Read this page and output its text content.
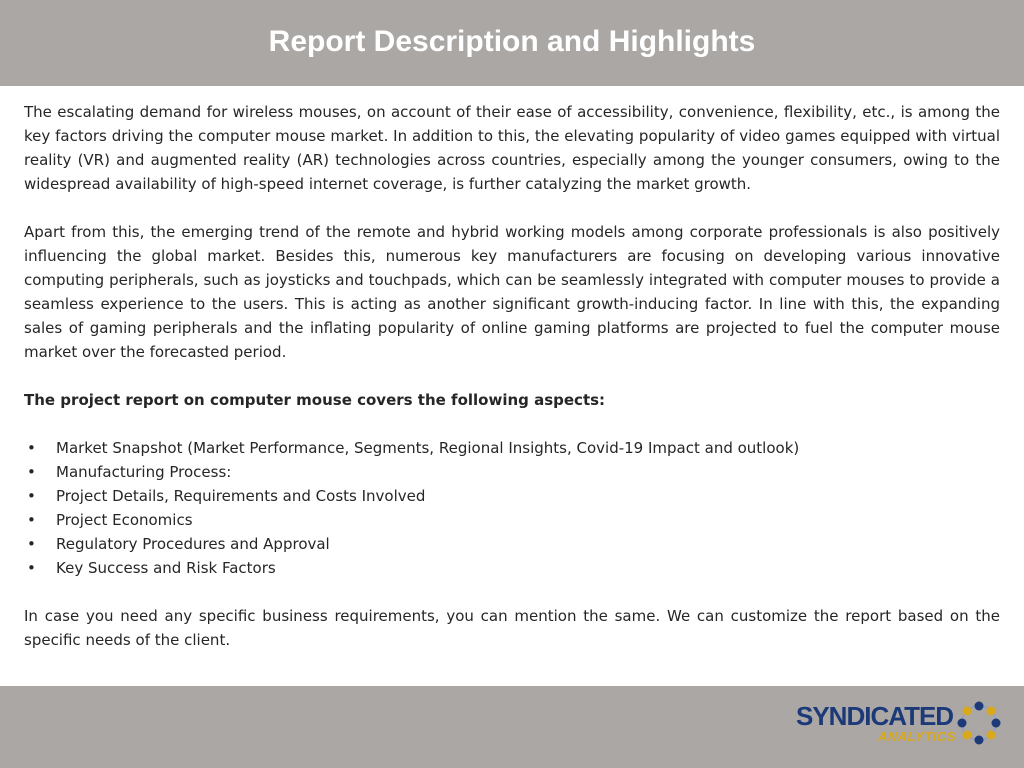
Report Description and Highlights

The escalating demand for wireless mouses, on account of their ease of accessibility, convenience, flexibility, etc., is among the key factors driving the computer mouse market. In addition to this, the elevating popularity of video games equipped with virtual reality (VR) and augmented reality (AR) technologies across countries, especially among the younger consumers, owing to the widespread availability of high-speed internet coverage, is further catalyzing the market growth.

Apart from this, the emerging trend of the remote and hybrid working models among corporate professionals is also positively influencing the global market. Besides this, numerous key manufacturers are focusing on developing various innovative computing peripherals, such as joysticks and touchpads, which can be seamlessly integrated with computer mouses to provide a seamless experience to the users. This is acting as another significant growth-inducing factor. In line with this, the expanding sales of gaming peripherals and the inflating popularity of online gaming platforms are projected to fuel the computer mouse market over the forecasted period.

The project report on computer mouse covers the following aspects:

• Market Snapshot (Market Performance, Segments, Regional Insights, Covid-19 Impact and outlook)
• Manufacturing Process:
• Project Details, Requirements and Costs Involved
• Project Economics
• Regulatory Procedures and Approval
• Key Success and Risk Factors

In case you need any specific business requirements, you can mention the same. We can customize the report based on the specific needs of the client.

SYNDICATED

ANALYTICS
